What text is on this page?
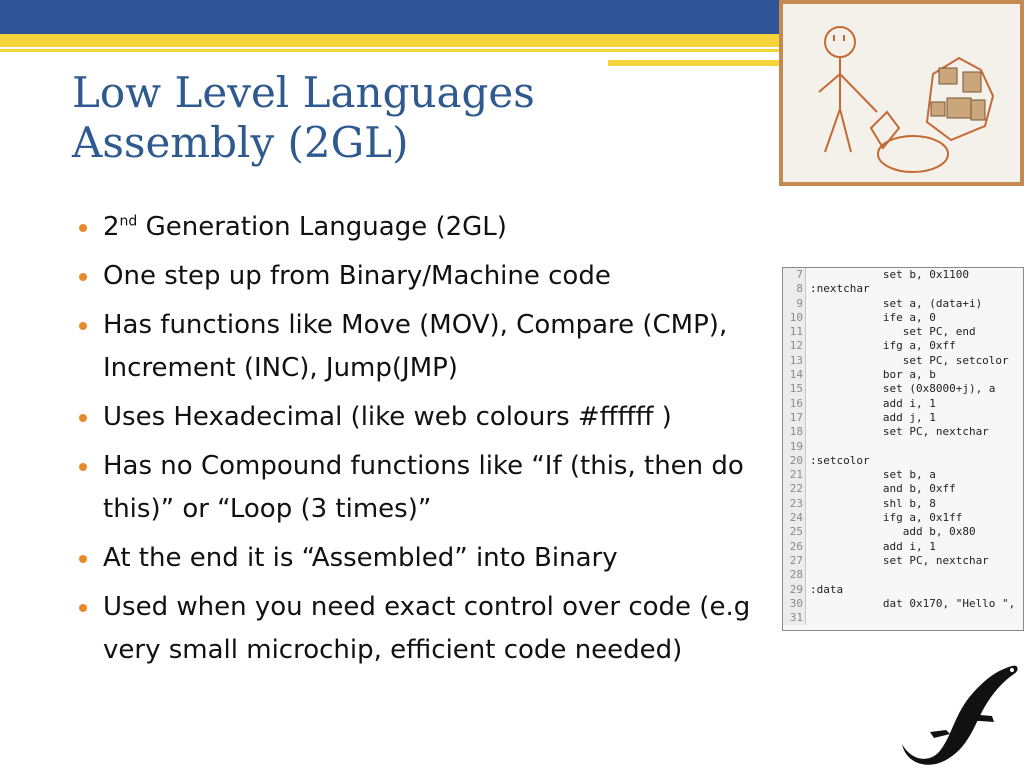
Low Level Languages
Assembly (2GL)
2nd Generation Language (2GL)
One step up from Binary/Machine code
Has functions like Move (MOV), Compare (CMP), Increment (INC), Jump(JMP)
Uses Hexadecimal (like web colours #ffffff )
Has no Compound functions like “If (this, then do this)” or “Loop (3 times)”
At the end it is “Assembled” into Binary
Used when you need exact control over code (e.g very small microchip, efficient code needed)
7           set b, 0x1100
8 :nextchar
9           set a, (data+i)
10           ife a, 0
11              set PC, end
12           ifg a, 0xff
13              set PC, setcolor
14           bor a, b
15           set (0x8000+j), a
16           add i, 1
17           add j, 1
18           set PC, nextchar
19
20 :setcolor
21           set b, a
22           and b, 0xff
23           shl b, 8
24           ifg a, 0x1ff
25              add b, 0x80
26           add i, 1
27           set PC, nextchar
28
29 :data
30           dat 0x170, "Hello ",
31
